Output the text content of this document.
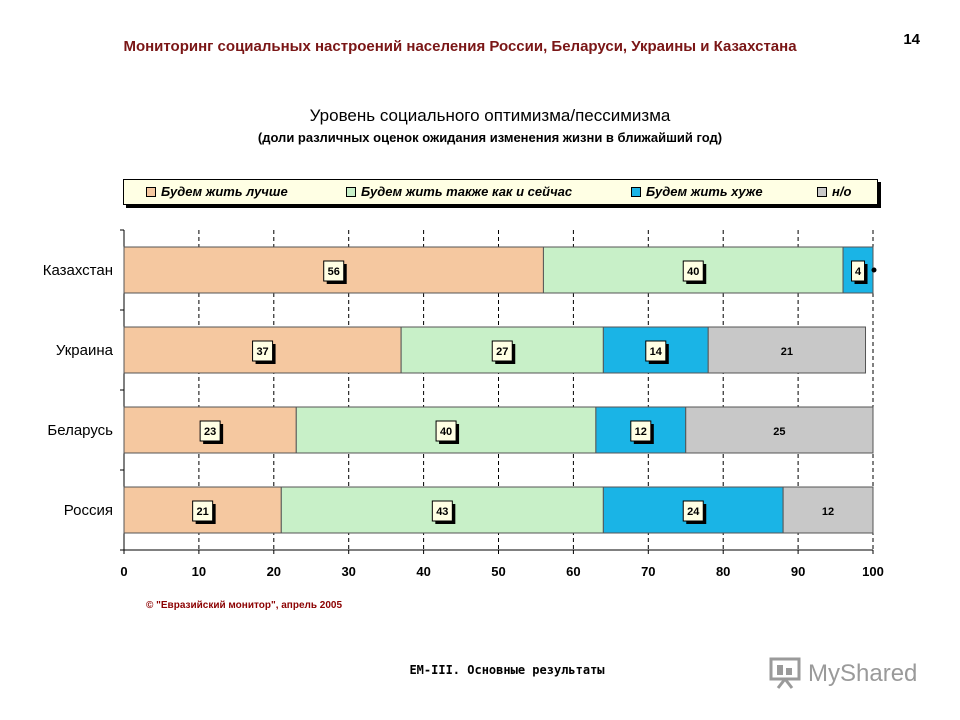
Мониторинг социальных настроений населения России, Беларуси, Украины и Казахстана	14
Уровень социального оптимизма/пессимизма
(доли различных оценок ожидания изменения жизни в ближайший год)
Будем жить лучше	Будем жить также как и сейчас	Будем жить хуже	н/о
0	10	20	30	40	50	60	70	80	90	100
Казахстан	56	40	4
Украина	37	27	14	21
Беларусь	23	40	12	25
Россия	21	43	24	12
© "Евразийский монитор", апрель 2005
ЕМ-III. Основные результаты	MyShared
